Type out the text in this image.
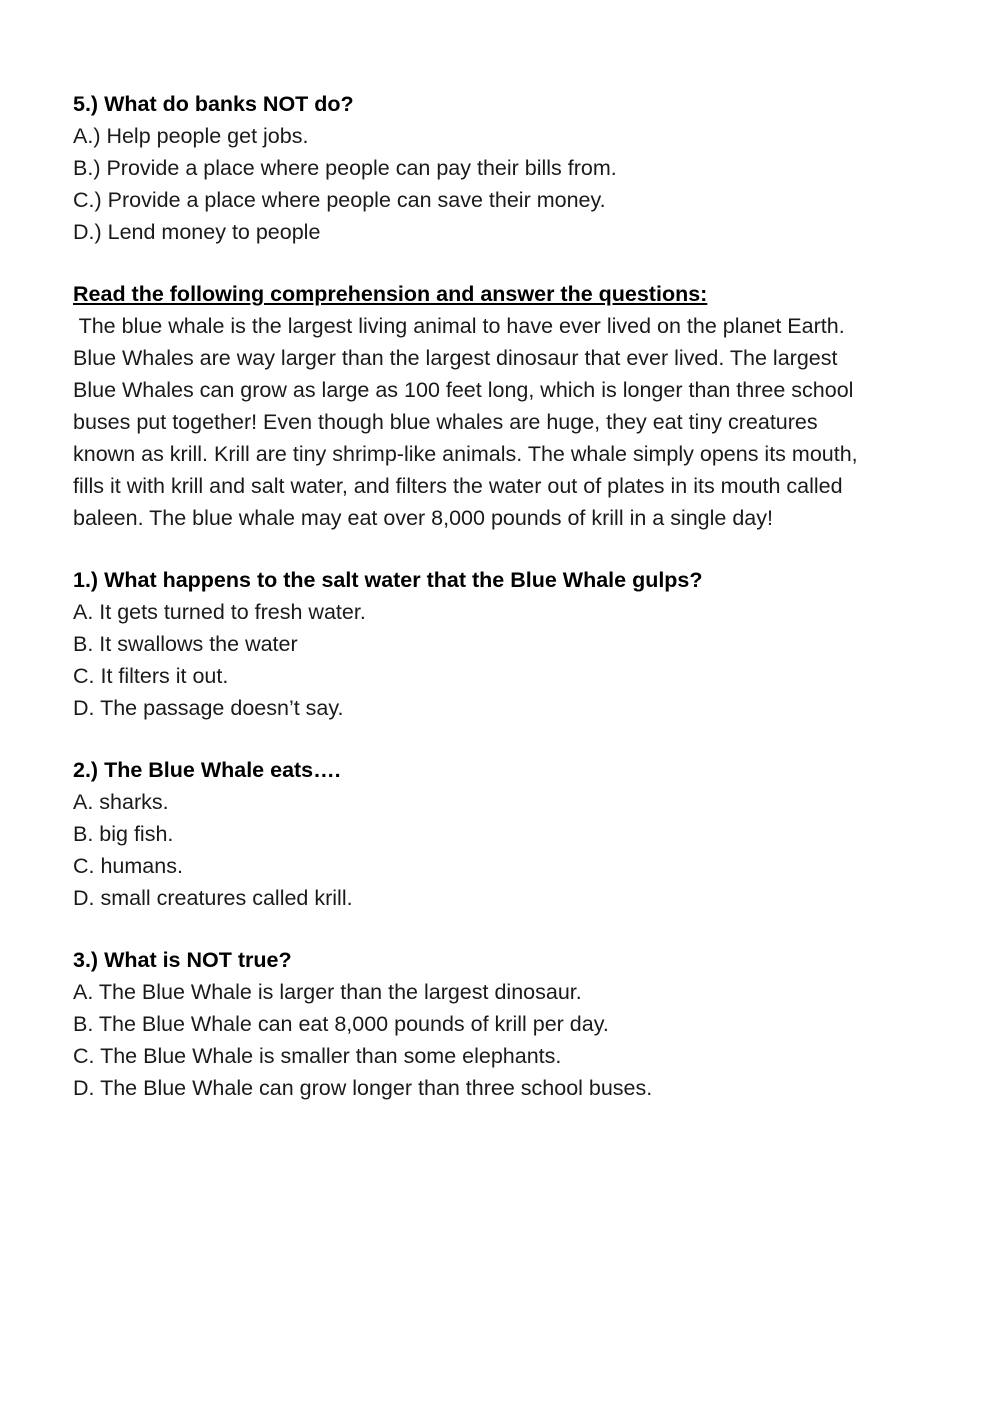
5.) What do banks NOT do?
A.) Help people get jobs.
B.) Provide a place where people can pay their bills from.
C.) Provide a place where people can save their money.
D.) Lend money to people
Read the following comprehension and answer the questions:
The blue whale is the largest living animal to have ever lived on the planet Earth.
Blue Whales are way larger than the largest dinosaur that ever lived. The largest
Blue Whales can grow as large as 100 feet long, which is longer than three school
buses put together! Even though blue whales are huge, they eat tiny creatures
known as krill. Krill are tiny shrimp-like animals. The whale simply opens its mouth,
fills it with krill and salt water, and filters the water out of plates in its mouth called
baleen. The blue whale may eat over 8,000 pounds of krill in a single day!
1.) What happens to the salt water that the Blue Whale gulps?
A. It gets turned to fresh water.
B. It swallows the water
C. It filters it out.
D. The passage doesn’t say.
2.) The Blue Whale eats….
A. sharks.
B. big fish.
C. humans.
D. small creatures called krill.
3.) What is NOT true?
A. The Blue Whale is larger than the largest dinosaur.
B. The Blue Whale can eat 8,000 pounds of krill per day.
C. The Blue Whale is smaller than some elephants.
D. The Blue Whale can grow longer than three school buses.
